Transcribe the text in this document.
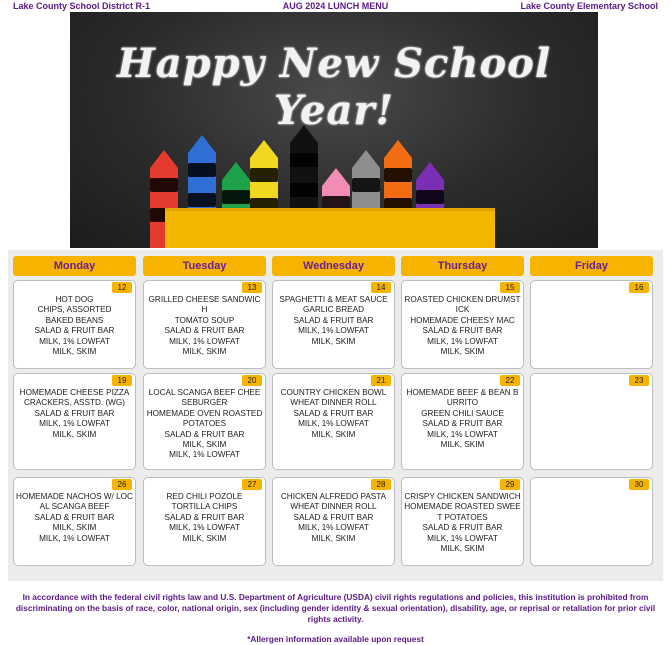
Lake County School District R-1	AUG 2024 LUNCH MENU	Lake County Elementary School
Happy New School Year!
Monday	Tuesday	Wednesday	Thursday	Friday
12
HOT DOG
CHIPS, ASSORTED
BAKED BEANS
SALAD & FRUIT BAR
MILK, 1% LOWFAT
MILK, SKIM
13
GRILLED CHEESE SANDWICH
TOMATO SOUP
SALAD & FRUIT BAR
MILK, 1% LOWFAT
MILK, SKIM
14
SPAGHETTI & MEAT SAUCE
GARLIC BREAD
SALAD & FRUIT BAR
MILK, 1% LOWFAT
MILK, SKIM
15
ROASTED CHICKEN DRUMSTICK
HOMEMADE CHEESY MAC
SALAD & FRUIT BAR
MILK, 1% LOWFAT
MILK, SKIM
16
19
HOMEMADE CHEESE PIZZA
CRACKERS, ASSTD. (WG)
SALAD & FRUIT BAR
MILK, 1% LOWFAT
MILK, SKIM
20
LOCAL SCANGA BEEF CHEESEBURGER
HOMEMADE OVEN ROASTED POTATOES
SALAD & FRUIT BAR
MILK, SKIM
MILK, 1% LOWFAT
21
COUNTRY CHICKEN BOWL
WHEAT DINNER ROLL
SALAD & FRUIT BAR
MILK, 1% LOWFAT
MILK, SKIM
22
HOMEMADE BEEF & BEAN BURRITO
GREEN CHILI SAUCE
SALAD & FRUIT BAR
MILK, 1% LOWFAT
MILK, SKIM
23
26
HOMEMADE NACHOS W/ LOCAL SCANGA BEEF
SALAD & FRUIT BAR
MILK, SKIM
MILK, 1% LOWFAT
27
RED CHILI POZOLE
TORTILLA CHIPS
SALAD & FRUIT BAR
MILK, 1% LOWFAT
MILK, SKIM
28
CHICKEN ALFREDO PASTA
WHEAT DINNER ROLL
SALAD & FRUIT BAR
MILK, 1% LOWFAT
MILK, SKIM
29
CRISPY CHICKEN SANDWICH
HOMEMADE ROASTED SWEET POTATOES
SALAD & FRUIT BAR
MILK, 1% LOWFAT
MILK, SKIM
30
In accordance with the federal civil rights law and U.S. Department of Agriculture (USDA) civil rights regulations and policies, this institution is prohibited from discriminating on the basis of race, color, national origin, sex (including gender identity & sexual orientation), disability, age, or reprisal or retaliation for prior civil rights activity.
*Allergen information available upon request
